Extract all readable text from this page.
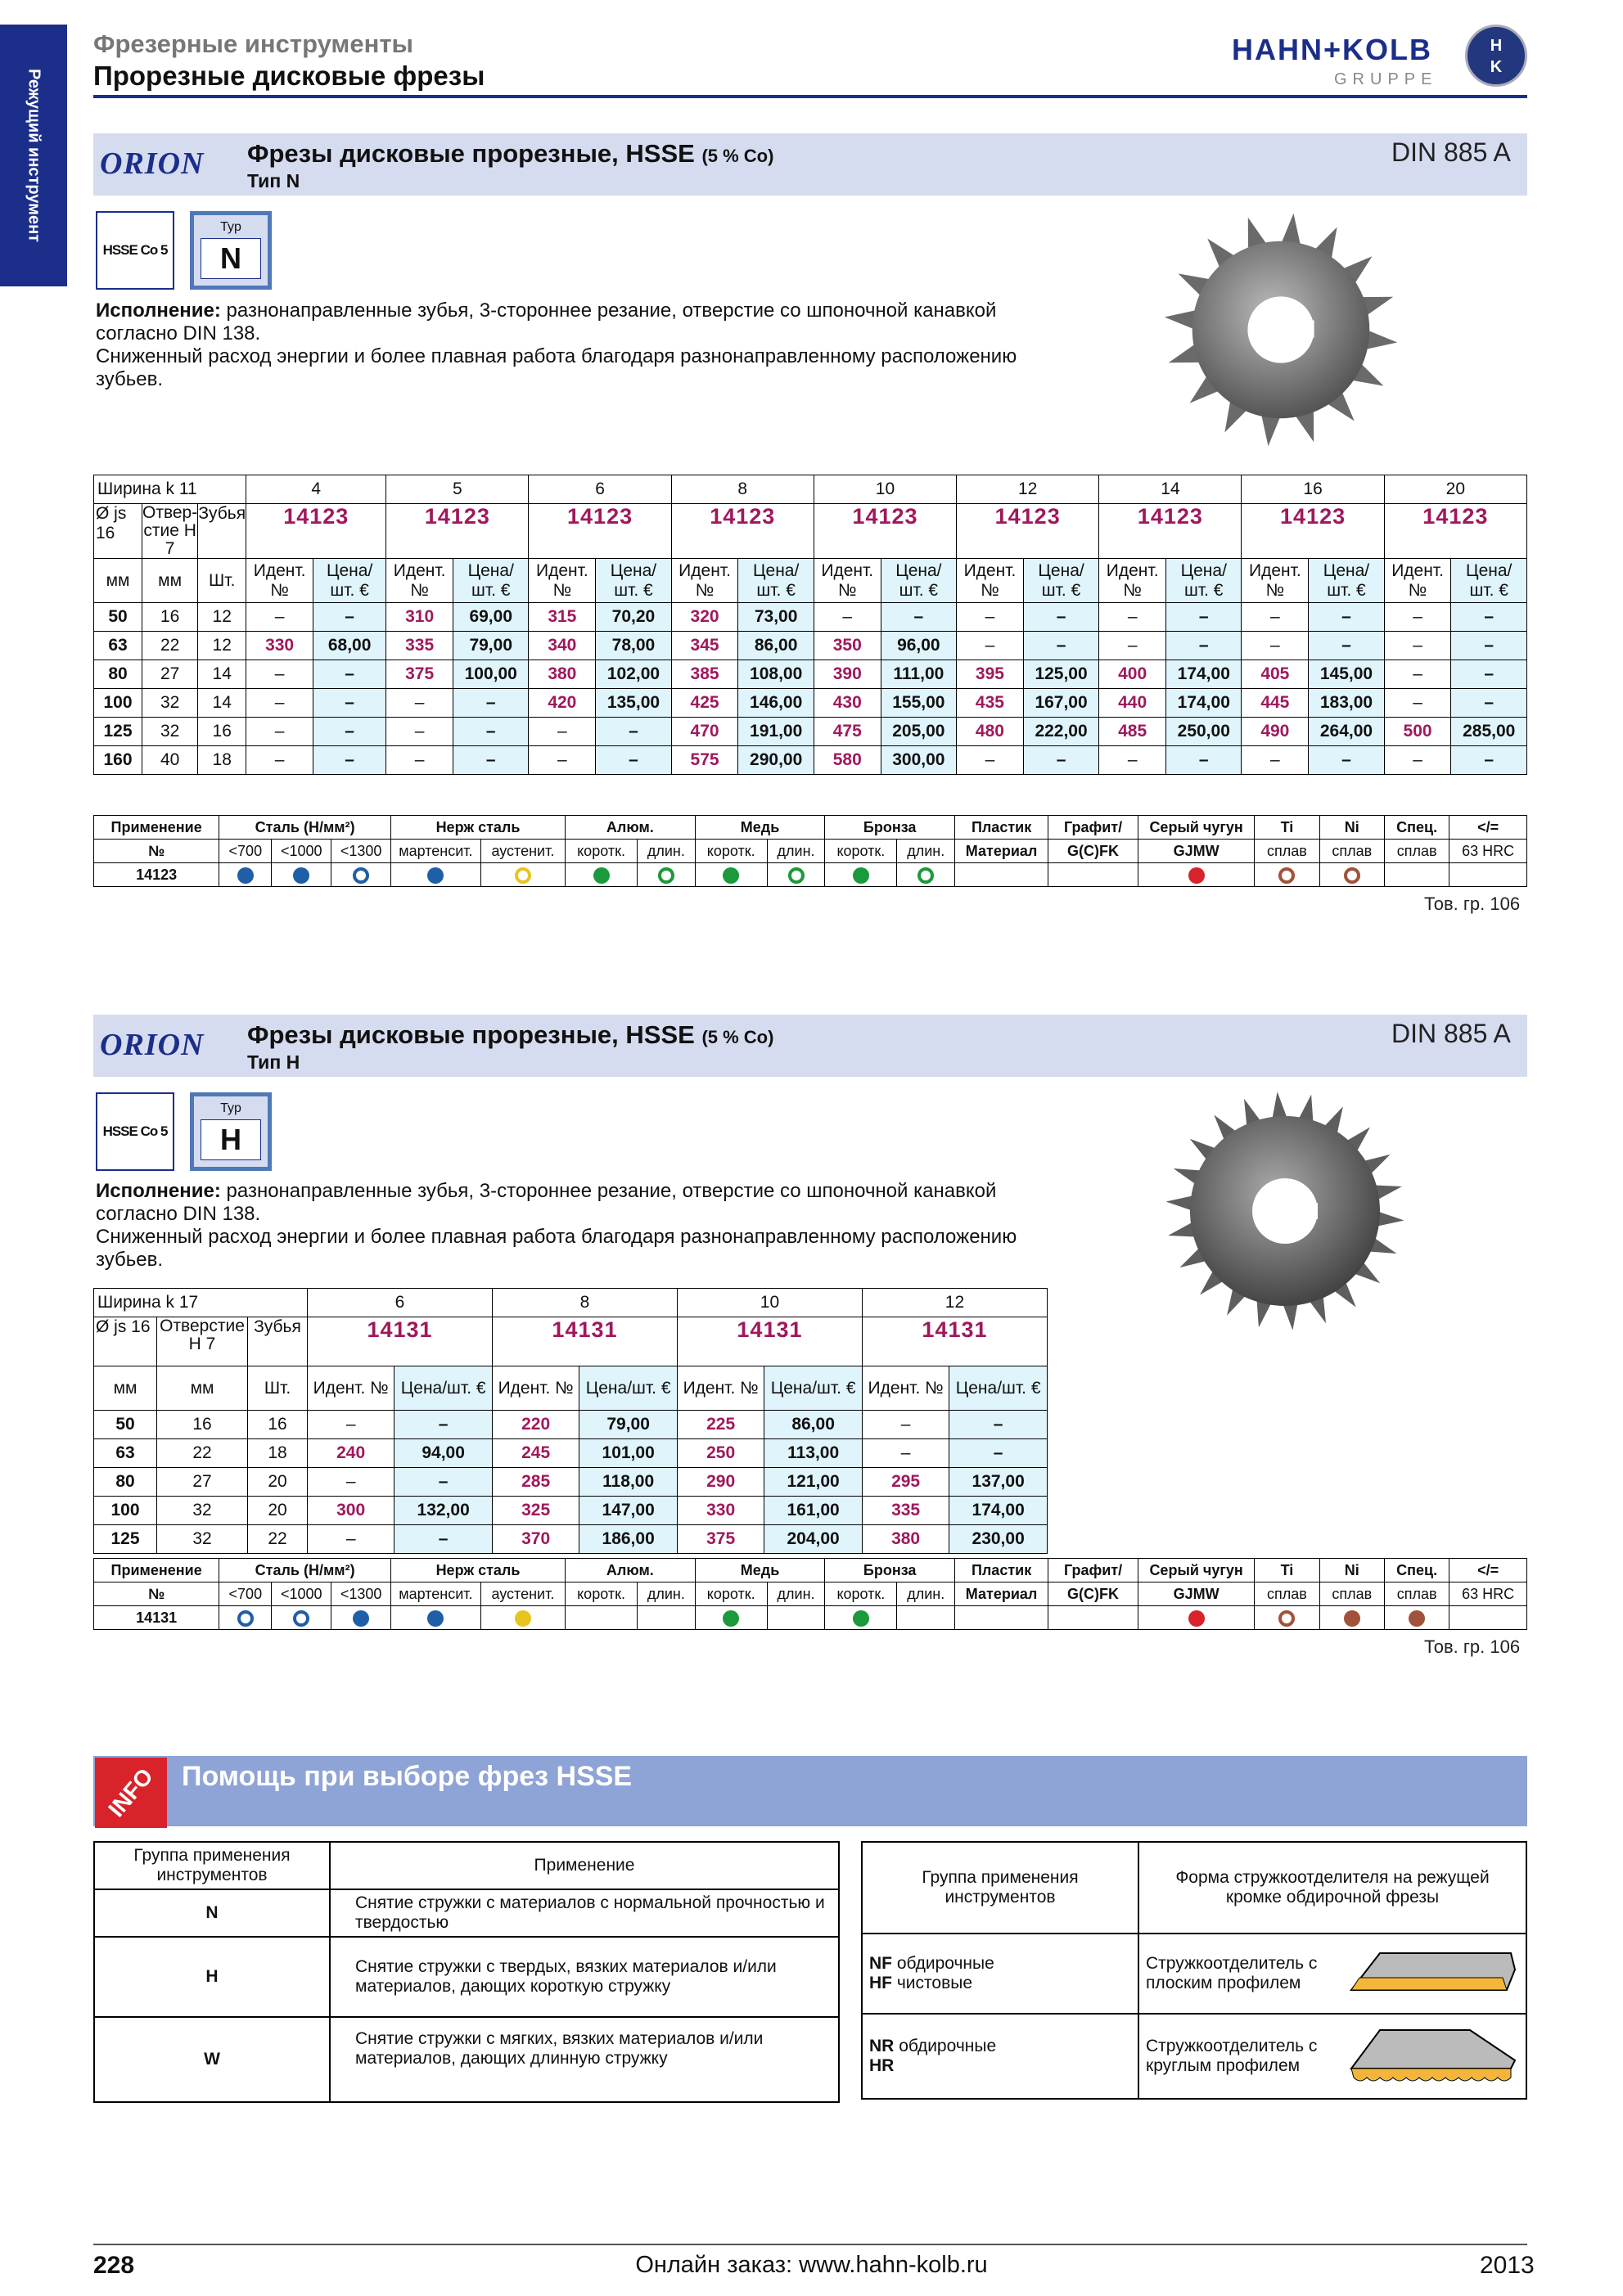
Режущий инструмент
Фрезерные инструменты
Прорезные дисковые фрезы
HAHN+KOLB
GRUPPE
H
K
ORION	Фрезы дисковые прорезные, HSSE (5 % Co)
Тип N
DIN 885 A
HSSE Co 5
Typ
N
Исполнение: разнонаправленные зубья, 3-стороннее резание, отверстие со шпоночной канавкой согласно DIN 138.
Сниженный расход энергии и более плавная работа благодаря разнонаправленному расположению зубьев.
Ширина k 11			4		5		6		8		10		12		14		16		20	
Ø js 16	Отвер-стие H 7	Зубья	14123		14123		14123		14123		14123		14123		14123		14123		14123	
мм	мм	Шт.	Идент. №	Цена/ шт. €	Идент. №	Цена/ шт. €	Идент. №	Цена/ шт. €	Идент. №	Цена/ шт. €	Идент. №	Цена/ шт. €	Идент. №	Цена/ шт. €	Идент. №	Цена/ шт. €	Идент. №	Цена/ шт. €	Идент. №	Цена/ шт. €
50	16	12	–	–	310	69,00	315	70,20	320	73,00	–	–	–	–	–	–	–	–	–	–
63	22	12	330	68,00	335	79,00	340	78,00	345	86,00	350	96,00	–	–	–	–	–	–	–	–
80	27	14	–	–	375	100,00	380	102,00	385	108,00	390	111,00	395	125,00	400	174,00	405	145,00	–	–
100	32	14	–	–	–	–	420	135,00	425	146,00	430	155,00	435	167,00	440	174,00	445	183,00	–	–
125	32	16	–	–	–	–	–	–	470	191,00	475	205,00	480	222,00	485	250,00	490	264,00	500	285,00
160	40	18	–	–	–	–	–	–	575	290,00	580	300,00	–	–	–	–	–	–	–	–
Применение	Сталь (Н/мм²)			Нерж сталь		Алюм.		Медь		Бронза		Пластик	Графит/	Серый чугун	Ti	Ni	Спец.	</=
№	<700	<1000	<1300	мартенсит.	аустенит.	коротк.	длин.	коротк.	длин.	коротк.	длин.	Материал	G(C)FK	GJMW	сплав	сплав	сплав	63 HRC
14123																		
Тов. гр. 106
ORION	Фрезы дисковые прорезные, HSSE (5 % Co)
Тип H
DIN 885 A
HSSE Co 5
Typ
H
Исполнение: разнонаправленные зубья, 3-стороннее резание, отверстие со шпоночной канавкой согласно DIN 138.
Сниженный расход энергии и более плавная работа благодаря разнонаправленному расположению зубьев.
Ширина k 17			6		8		10		12	
Ø js 16	Отверстие H 7	Зубья	14131		14131		14131		14131	
мм	мм	Шт.	Идент. №	Цена/шт. €	Идент. №	Цена/шт. €	Идент. №	Цена/шт. €	Идент. №	Цена/шт. €
50	16	16	–	–	220	79,00	225	86,00	–	–
63	22	18	240	94,00	245	101,00	250	113,00	–	–
80	27	20	–	–	285	118,00	290	121,00	295	137,00
100	32	20	300	132,00	325	147,00	330	161,00	335	174,00
125	32	22	–	–	370	186,00	375	204,00	380	230,00
Применение	Сталь (Н/мм²)			Нерж сталь		Алюм.		Медь		Бронза		Пластик	Графит/	Серый чугун	Ti	Ni	Спец.	</=
№	<700	<1000	<1300	мартенсит.	аустенит.	коротк.	длин.	коротк.	длин.	коротк.	длин.	Материал	G(C)FK	GJMW	сплав	сплав	сплав	63 HRC
14131																		
Тов. гр. 106
INFO Помощь при выборе фрез HSSE
Группа применения инструментов	Применение
N	Снятие стружки с материалов с нормальной прочностью и твердостью
H	Снятие стружки с твердых, вязких материалов и/или материалов, дающих короткую стружку
W	Снятие стружки с мягких, вязких материалов и/или материалов, дающих длинную стружку
Группа применения инструментов	Форма стружкоотделителя на режущей кромке обдирочной фрезы
NF обдирочные
HF чистовые	Стружкоотделитель с плоским профилем

NR обдирочные
HR	Стружкоотделитель с круглым профилем
228	Онлайн заказ: www.hahn-kolb.ru	2013
